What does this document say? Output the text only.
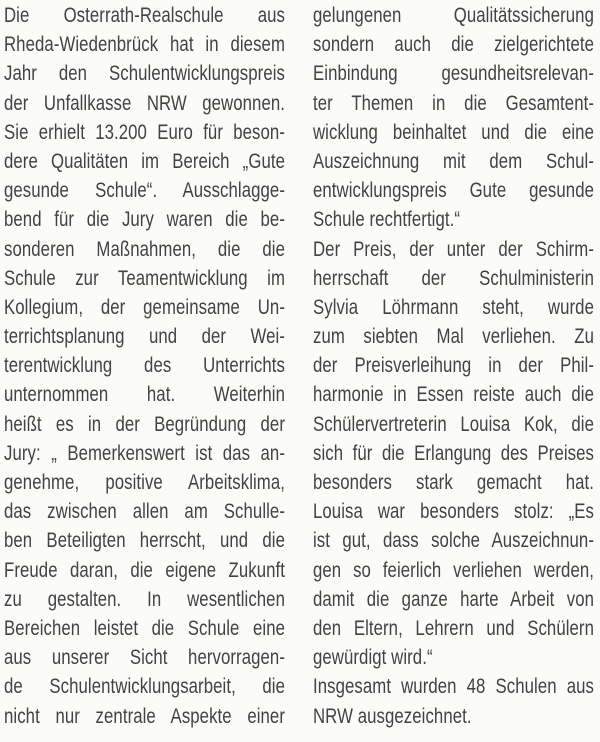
Die Osterrath-Realschule aus
Rheda-Wiedenbrück hat in diesem
Jahr den Schulentwicklungspreis
der Unfallkasse NRW gewonnen.
Sie erhielt 13.200 Euro für beson-
dere Qualitäten im Bereich „Gute
gesunde Schule“. Ausschlagge-
bend für die Jury waren die be-
sonderen Maßnahmen, die die
Schule zur Teamentwicklung im
Kollegium, der gemeinsame Un-
terrichtsplanung und der Wei-
terentwicklung des Unterrichts
unternommen hat. Weiterhin
heißt es in der Begründung der
Jury: „ Bemerkenswert ist das an-
genehme, positive Arbeitsklima,
das zwischen allen am Schulle-
ben Beteiligten herrscht, und die
Freude daran, die eigene Zukunft
zu gestalten. In wesentlichen
Bereichen leistet die Schule eine
aus unserer Sicht hervorragen-
de Schulentwicklungsarbeit, die
nicht nur zentrale Aspekte einer
gelungenen Qualitätssicherung
sondern auch die zielgerichtete
Einbindung gesundheitsrelevan-
ter Themen in die Gesamtent-
wicklung beinhaltet und die eine
Auszeichnung mit dem Schul-
entwicklungspreis Gute gesunde
Schule rechtfertigt.“
Der Preis, der unter der Schirm-
herrschaft der Schulministerin
Sylvia Löhrmann steht, wurde
zum siebten Mal verliehen. Zu
der Preisverleihung in der Phil-
harmonie in Essen reiste auch die
Schülervertreterin Louisa Kok, die
sich für die Erlangung des Preises
besonders stark gemacht hat.
Louisa war besonders stolz: „Es
ist gut, dass solche Auszeichnun-
gen so feierlich verliehen werden,
damit die ganze harte Arbeit von
den Eltern, Lehrern und Schülern
gewürdigt wird.“
Insgesamt wurden 48 Schulen aus
NRW ausgezeichnet.
